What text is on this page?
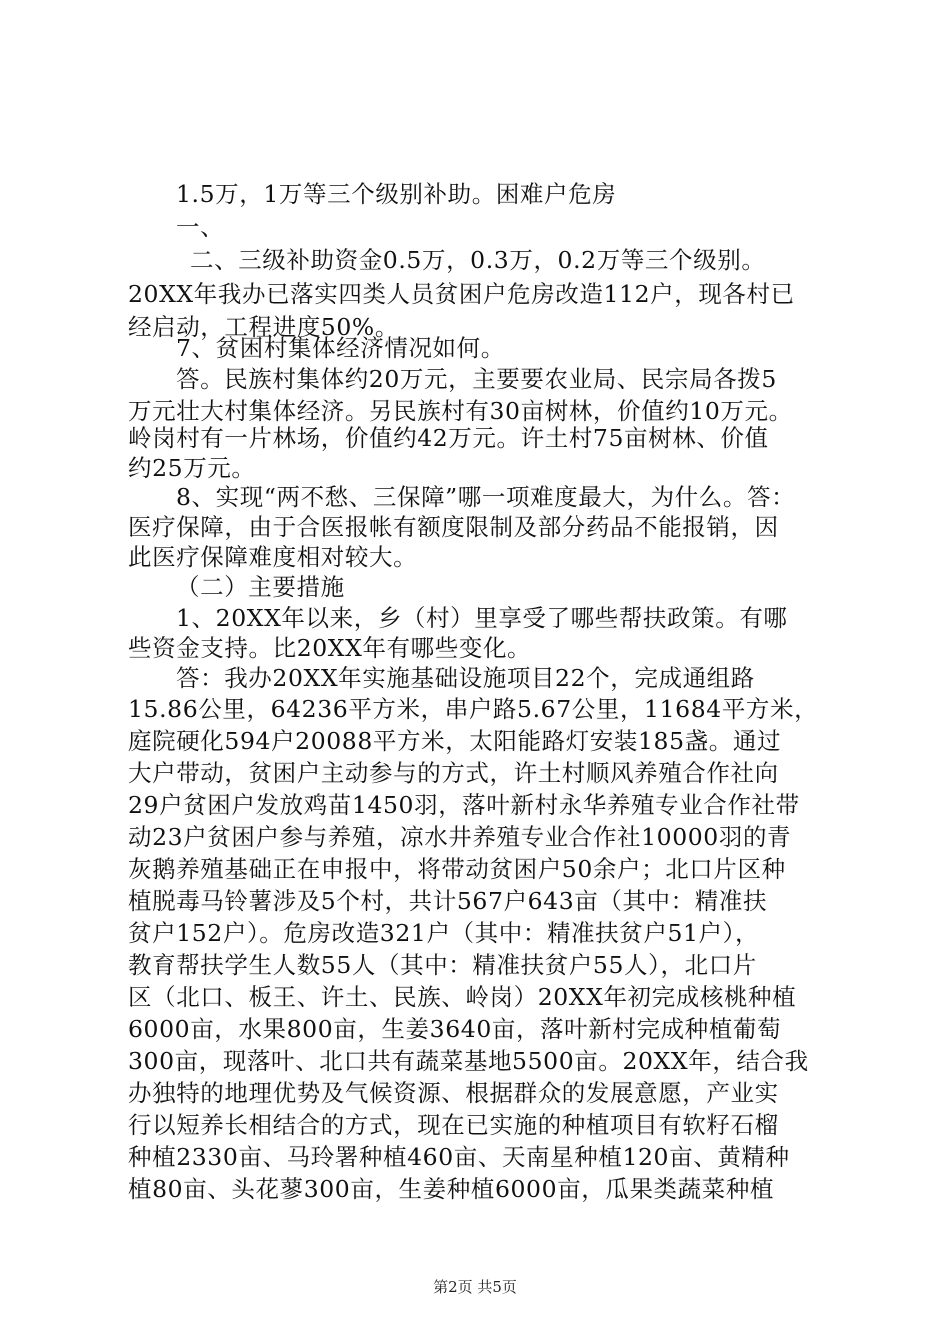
1.5万，1万等三个级别补助。困难户危房
一、
二、三级补助资金0.5万，0.3万，0.2万等三个级别。
20XX年我办已落实四类人员贫困户危房改造112户，现各村已
经启动，工程进度50%。
7、贫困村集体经济情况如何。
答。民族村集体约20万元，主要要农业局、民宗局各拨5
万元壮大村集体经济。另民族村有30亩树林，价值约10万元。
岭岗村有一片林场，价值约42万元。许土村75亩树林、价值
约25万元。
8、实现“两不愁、三保障”哪一项难度最大，为什么。答：
医疗保障，由于合医报帐有额度限制及部分药品不能报销，因
此医疗保障难度相对较大。
（二）主要措施
1、20XX年以来，乡（村）里享受了哪些帮扶政策。有哪
些资金支持。比20XX年有哪些变化。
答：我办20XX年实施基础设施项目22个，完成通组路
15.86公里，64236平方米，串户路5.67公里，11684平方米，
庭院硬化594户20088平方米，太阳能路灯安装185盏。通过
大户带动，贫困户主动参与的方式，许土村顺风养殖合作社向
29户贫困户发放鸡苗1450羽，落叶新村永华养殖专业合作社带
动23户贫困户参与养殖，凉水井养殖专业合作社10000羽的青
灰鹅养殖基础正在申报中，将带动贫困户50余户；北口片区种
植脱毒马铃薯涉及5个村，共计567户643亩（其中：精准扶
贫户152户）。危房改造321户（其中：精准扶贫户51户），
教育帮扶学生人数55人（其中：精准扶贫户55人），北口片
区（北口、板王、许土、民族、岭岗）20XX年初完成核桃种植
6000亩，水果800亩，生姜3640亩，落叶新村完成种植葡萄
300亩，现落叶、北口共有蔬菜基地5500亩。20XX年，结合我
办独特的地理优势及气候资源、根据群众的发展意愿，产业实
行以短养长相结合的方式，现在已实施的种植项目有软籽石榴
种植2330亩、马玲署种植460亩、天南星种植120亩、黄精种
植80亩、头花蓼300亩，生姜种植6000亩，瓜果类蔬菜种植
第2页 共5页
